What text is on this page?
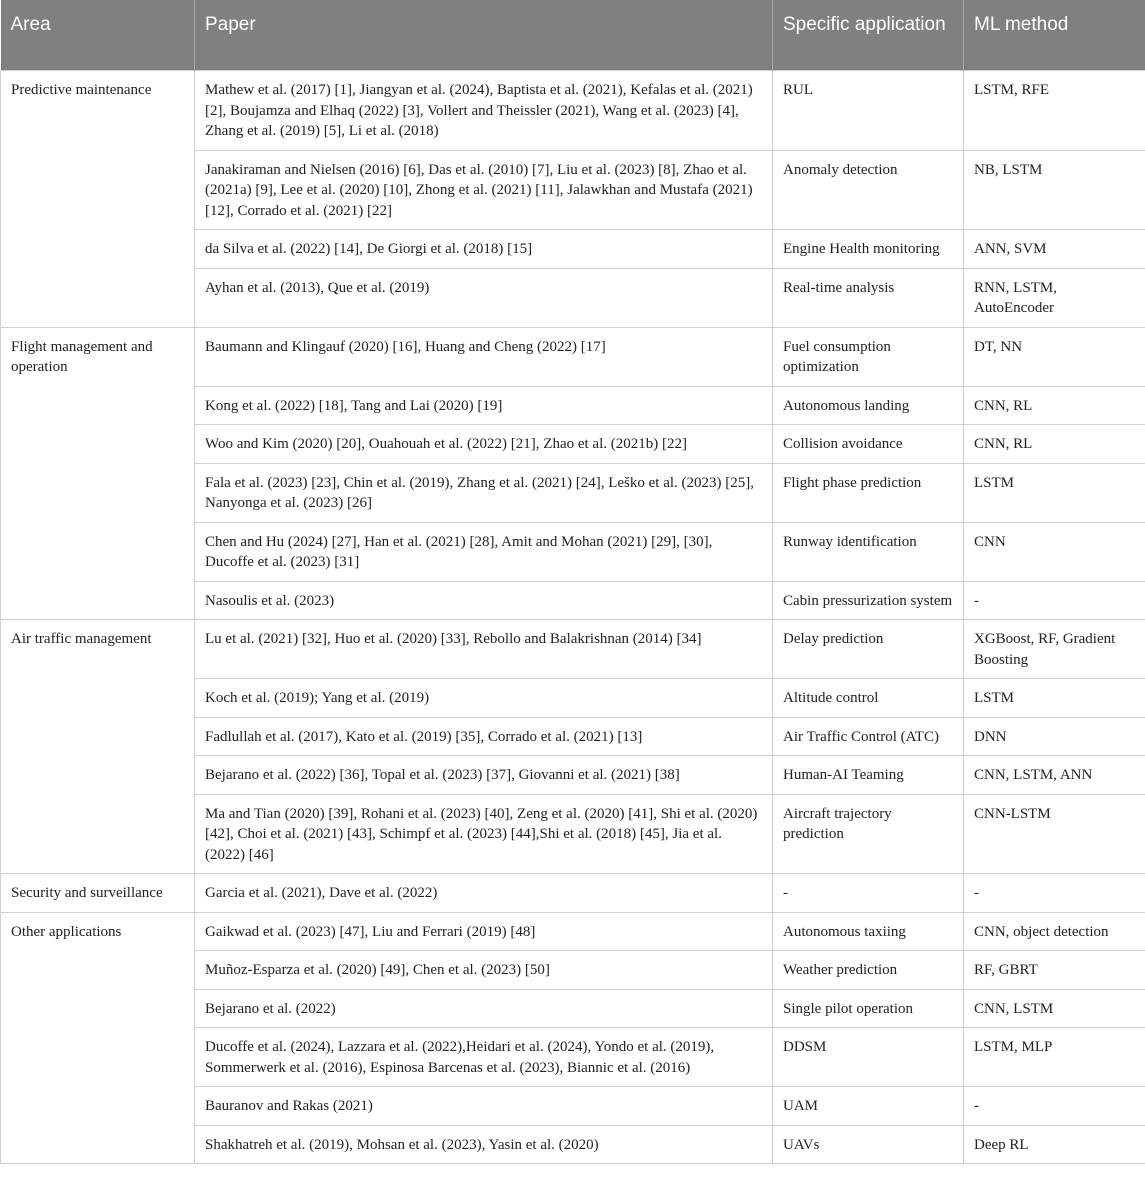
Area	Paper	Specific application	ML method
Predictive maintenance	Mathew et al. (2017) [1], Jiangyan et al. (2024), Baptista et al. (2021), Kefalas et al. (2021) [2], Boujamza and Elhaq (2022) [3], Vollert and Theissler (2021), Wang et al. (2023) [4], Zhang et al. (2019) [5], Li et al. (2018)	RUL	LSTM, RFE
	Janakiraman and Nielsen (2016) [6], Das et al. (2010) [7], Liu et al. (2023) [8], Zhao et al. (2021a) [9], Lee et al. (2020) [10], Zhong et al. (2021) [11], Jalawkhan and Mustafa (2021) [12], Corrado et al. (2021) [22]	Anomaly detection	NB, LSTM
	da Silva et al. (2022) [14], De Giorgi et al. (2018) [15]	Engine Health monitoring	ANN, SVM
	Ayhan et al. (2013), Que et al. (2019)	Real-time analysis	RNN, LSTM, AutoEncoder
Flight management and operation	Baumann and Klingauf (2020) [16], Huang and Cheng (2022) [17]	Fuel consumption optimization	DT, NN
	Kong et al. (2022) [18], Tang and Lai (2020) [19]	Autonomous landing	CNN, RL
	Woo and Kim (2020) [20], Ouahouah et al. (2022) [21], Zhao et al. (2021b) [22]	Collision avoidance	CNN, RL
	Fala et al. (2023) [23], Chin et al. (2019), Zhang et al. (2021) [24], Leško et al. (2023) [25], Nanyonga et al. (2023) [26]	Flight phase prediction	LSTM
	Chen and Hu (2024) [27], Han et al. (2021) [28], Amit and Mohan (2021) [29], [30], Ducoffe et al. (2023) [31]	Runway identification	CNN
	Nasoulis et al. (2023)	Cabin pressurization system	-
Air traffic management	Lu et al. (2021) [32], Huo et al. (2020) [33], Rebollo and Balakrishnan (2014) [34]	Delay prediction	XGBoost, RF, Gradient Boosting
	Koch et al. (2019); Yang et al. (2019)	Altitude control	LSTM
	Fadlullah et al. (2017), Kato et al. (2019) [35], Corrado et al. (2021) [13]	Air Traffic Control (ATC)	DNN
	Bejarano et al. (2022) [36], Topal et al. (2023) [37], Giovanni et al. (2021) [38]	Human-AI Teaming	CNN, LSTM, ANN
	Ma and Tian (2020) [39], Rohani et al. (2023) [40], Zeng et al. (2020) [41], Shi et al. (2020) [42], Choi et al. (2021) [43], Schimpf et al. (2023) [44],Shi et al. (2018) [45], Jia et al. (2022) [46]	Aircraft trajectory prediction	CNN-LSTM
Security and surveillance	Garcia et al. (2021), Dave et al. (2022)	-	-
Other applications	Gaikwad et al. (2023) [47], Liu and Ferrari (2019) [48]	Autonomous taxiing	CNN, object detection
	Muñoz-Esparza et al. (2020) [49], Chen et al. (2023) [50]	Weather prediction	RF, GBRT
	Bejarano et al. (2022)	Single pilot operation	CNN, LSTM
	Ducoffe et al. (2024), Lazzara et al. (2022),Heidari et al. (2024), Yondo et al. (2019), Sommerwerk et al. (2016), Espinosa Barcenas et al. (2023), Biannic et al. (2016)	DDSM	LSTM, MLP
	Bauranov and Rakas (2021)	UAM	-
	Shakhatreh et al. (2019), Mohsan et al. (2023), Yasin et al. (2020)	UAVs	Deep RL
